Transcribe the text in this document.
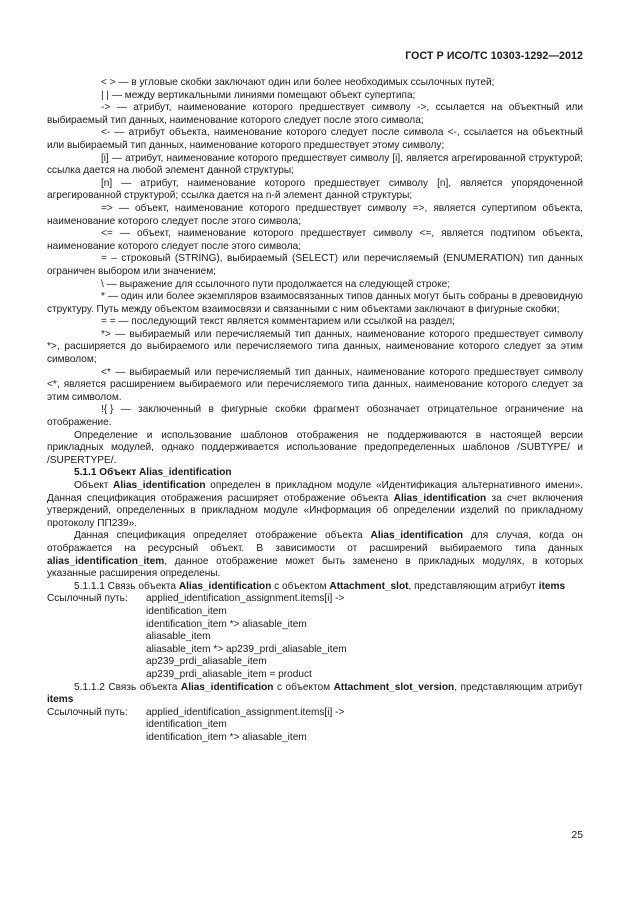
ГОСТ Р ИСО/ТС 10303-1292—2012

< > — в угловые скобки заключают один или более необходимых ссылочных путей;

| | — между вертикальными линиями помещают объект супертипа;

-> — атрибут, наименование которого предшествует символу ->, ссылается на объектный или выбираемый тип данных, наименование которого следует после этого символа;

<- — атрибут объекта, наименование которого следует после символа <-, ссылается на объектный или выбираемый тип данных, наименование которого предшествует этому символу;

[i] — атрибут, наименование которого предшествует символу [i], является агрегированной структурой; ссылка дается на любой элемент данной структуры;

[n] — атрибут, наименование которого предшествует символу [n], является упорядоченной агрегированной структурой; ссылка дается на n-й элемент данной структуры;

=> — объект, наименование которого предшествует символу =>, является супертипом объекта, наименование которого следует после этого символа;

<= — объект, наименование которого предшествует символу <=, является подтипом объекта, наименование которого следует после этого символа;

= – строковый (STRING), выбираемый (SELECT) или перечисляемый (ENUMERATION) тип данных ограничен выбором или значением;

\ — выражение для ссылочного пути продолжается на следующей строке;

* — один или более экземпляров взаимосвязанных типов данных могут быть собраны в древовидную структуру. Путь между объектом взаимосвязи и связанными с ним объектами заключают в фигурные скобки;

= = — последующий текст является комментарием или ссылкой на раздел;

*> — выбираемый или перечисляемый тип данных, наименование которого предшествует символу *>, расширяется до выбираемого или перечисляемого типа данных, наименование которого следует за этим символом;

<* — выбираемый или перечисляемый тип данных, наименование которого предшествует символу <*, является расширением выбираемого или перечисляемого типа данных, наименование которого следует за этим символом.

!{ } — заключенный в фигурные скобки фрагмент обозначает отрицательное ограничение на отображение.

Определение и использование шаблонов отображения не поддерживаются в настоящей версии прикладных модулей, однако поддерживается использование предопределенных шаблонов /SUBTYPE/ и /SUPERTYPE/.

5.1.1 Объект Alias_identification

Объект Alias_identification определен в прикладном модуле «Идентификация альтернативного имени». Данная спецификация отображения расширяет отображение объекта Alias_identification за счет включения утверждений, определенных в прикладном модуле «Информация об определении изделий по прикладному протоколу ПП239».

Данная спецификация определяет отображение объекта Alias_identification для случая, когда он отображается на ресурсный объект. В зависимости от расширений выбираемого типа данных alias_identification_item, данное отображение может быть заменено в прикладных модулях, в которых указанные расширения определены.

5.1.1.1 Связь объекта Alias_identification с объектом Attachment_slot, представляющим атрибут items

Ссылочный путь:	applied_identification_assignment.items[i] ->
identification_item
identification_item *> aliasable_item
aliasable_item
aliasable_item *> ap239_prdi_aliasable_item
ap239_prdi_aliasable_item
ap239_prdi_aliasable_item = product

5.1.1.2 Связь объекта Alias_identification с объектом Attachment_slot_version, представляющим атрибут items

Ссылочный путь:	applied_identification_assignment.items[i] ->
identification_item
identification_item *> aliasable_item
25
